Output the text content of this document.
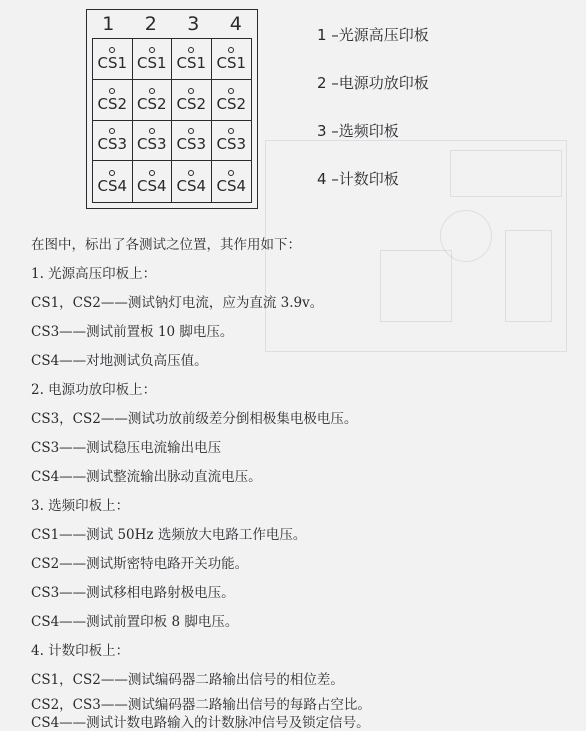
1	2	3	4
CS1 CS1 CS1 CS1
CS2 CS2 CS2 CS2
CS3 CS3 CS3 CS3
CS4 CS4 CS4 CS4
1 –光源高压印板
2 –电源功放印板
3 –选频印板
4 –计数印板
在图中，标出了各测试之位置，其作用如下：
1. 光源高压印板上：
CS1，CS2——测试钠灯电流，应为直流 3.9v。
CS3——测试前置板 10 脚电压。
CS4——对地测试负高压值。
2. 电源功放印板上：
CS3，CS2——测试功放前级差分倒相极集电极电压。
CS3——测试稳压电流输出电压
CS4——测试整流输出脉动直流电压。
3. 选频印板上：
CS1——测试 50Hz 选频放大电路工作电压。
CS2——测试斯密特电路开关功能。
CS3——测试移相电路射极电压。
CS4——测试前置印板 8 脚电压。
4. 计数印板上：
CS1，CS2——测试编码器二路输出信号的相位差。
CS2，CS3——测试编码器二路输出信号的每路占空比。
CS4——测试计数电路输入的计数脉冲信号及锁定信号。
